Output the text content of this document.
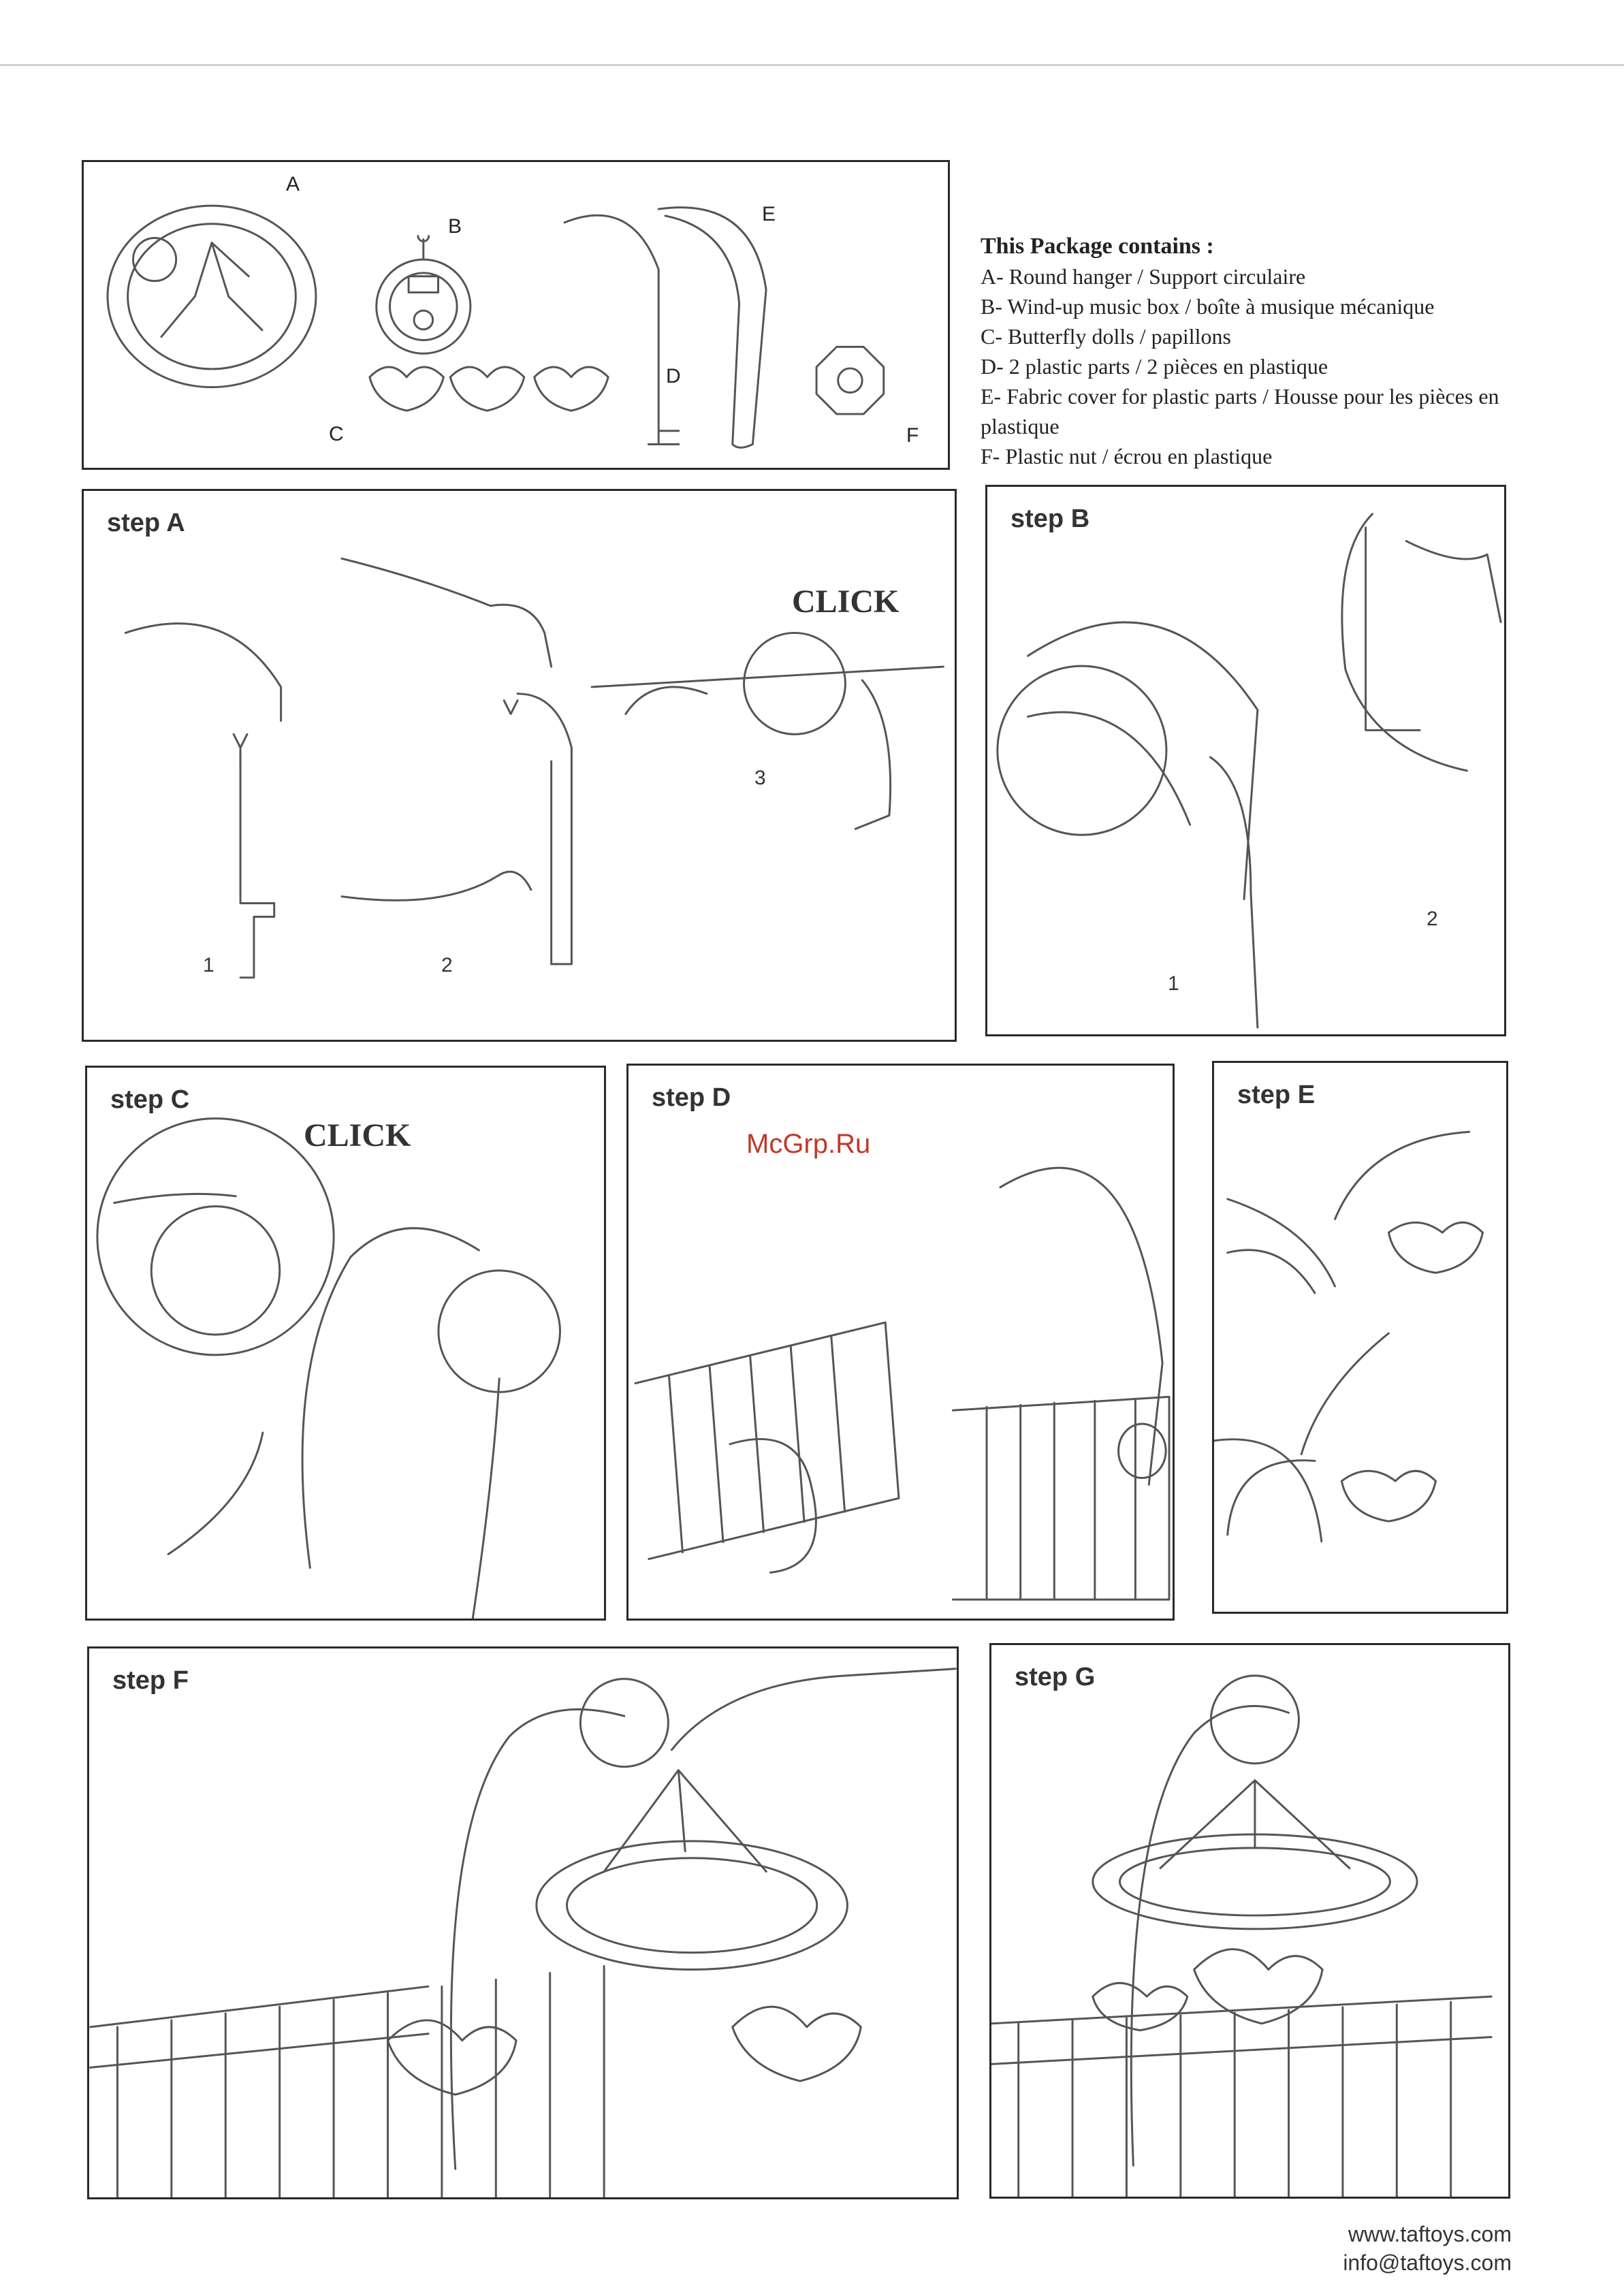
A
B
C
D
E
F
This Package contains :
A- Round hanger / Support circulaire
B- Wind-up music box / boîte à musique mécanique
C- Butterfly dolls / papillons
D- 2 plastic parts / 2 pièces en plastique
E- Fabric cover for plastic parts / Housse pour les pièces en plastique
F- Plastic nut / écrou en plastique
step A
1	2
3
CLICK
step B
1
2
step C
CLICK
step D	step E
step F	step G
McGrp.Ru
www.taftoys.com
info@taftoys.com
